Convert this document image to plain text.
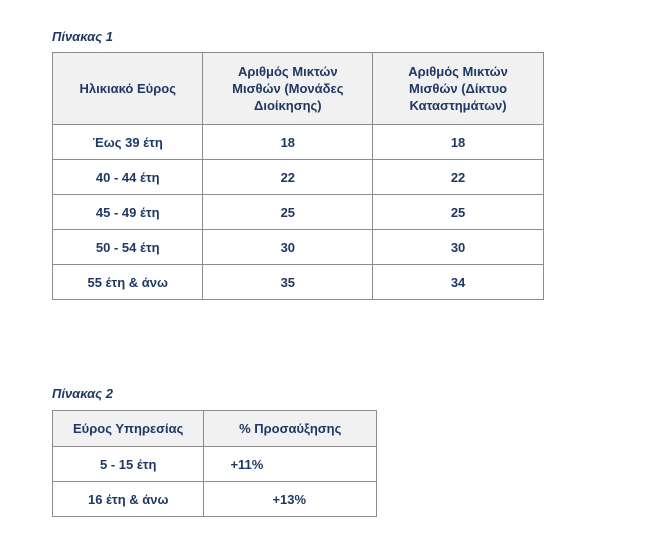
Πίνακας 1
Ηλικιακό Εύρος	Αριθμός Μικτών Μισθών (Μονάδες Διοίκησης)	Αριθμός Μικτών Μισθών (Δίκτυο Καταστημάτων)
Έως 39 έτη	18	18
40 - 44 έτη	22	22
45 - 49 έτη	25	25
50 - 54 έτη	30	30
55 έτη & άνω	35	34
Πίνακας 2
Εύρος Υπηρεσίας	% Προσαύξησης
5 - 15 έτη	+11%
16 έτη & άνω	+13%
